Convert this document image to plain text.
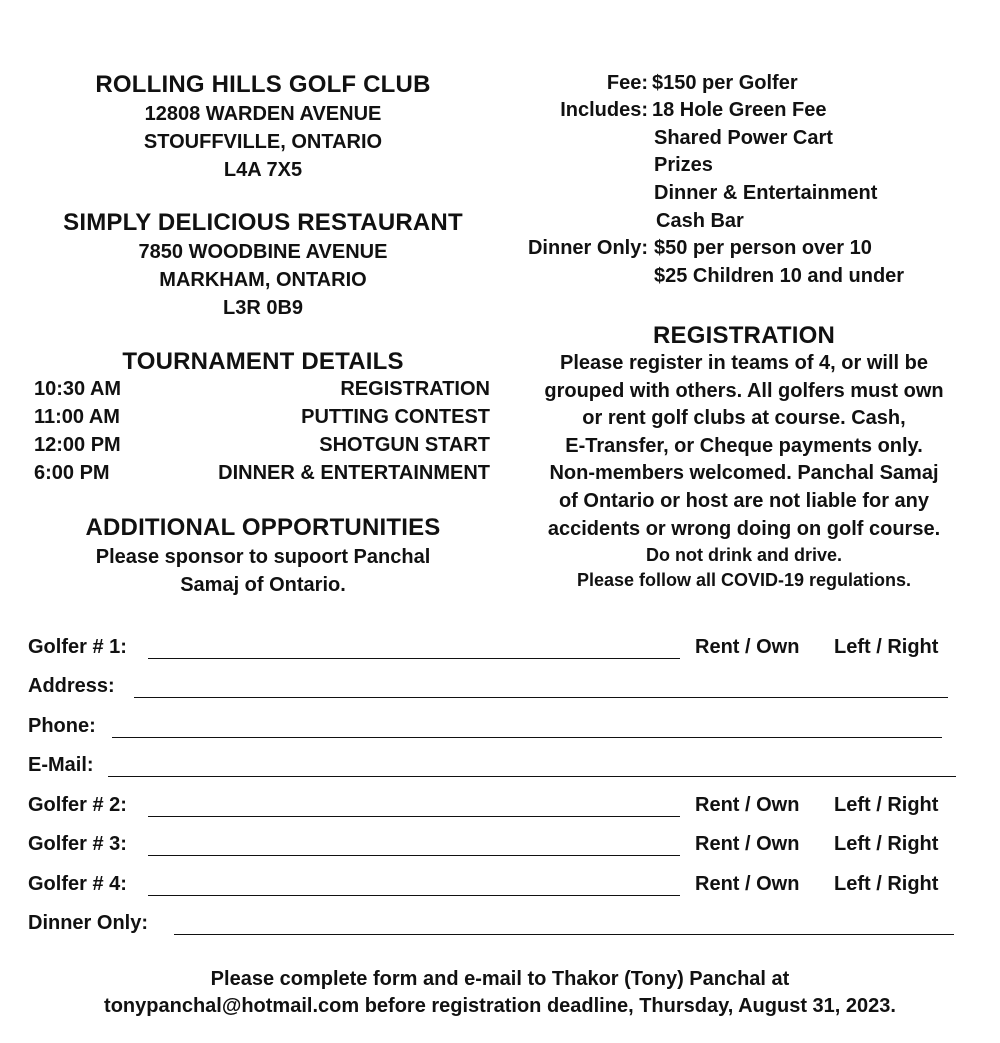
ROLLING HILLS GOLF CLUB
12808 WARDEN AVENUE
STOUFFVILLE, ONTARIO
L4A 7X5
SIMPLY DELICIOUS RESTAURANT
7850 WOODBINE AVENUE
MARKHAM, ONTARIO
L3R 0B9
TOURNAMENT DETAILS
10:30 AM	REGISTRATION
11:00 AM	PUTTING CONTEST
12:00 PM	SHOTGUN START
6:00 PM	DINNER & ENTERTAINMENT
ADDITIONAL OPPORTUNITIES
Please sponsor to supoort Panchal
Samaj of Ontario.
Fee: $150 per Golfer
Includes: 18 Hole Green Fee
Shared Power Cart
Prizes
Dinner & Entertainment
Cash Bar
Dinner Only: $50 per person over 10
$25 Children 10 and under
REGISTRATION
Please register in teams of 4, or will be
grouped with others. All golfers must own
or rent golf clubs at course. Cash,
E-Transfer, or Cheque payments only.
Non-members welcomed. Panchal Samaj
of Ontario or host are not liable for any
accidents or wrong doing on golf course.
Do not drink and drive.
Please follow all COVID-19 regulations.
Golfer # 1:	Rent / Own Left / Right
Address:
Phone:
E-Mail:
Golfer # 2:	Rent / Own Left / Right
Golfer # 3:	Rent / Own Left / Right
Golfer # 4:	Rent / Own Left / Right
Dinner Only:
Please complete form and e-mail to Thakor (Tony) Panchal at
tonypanchal@hotmail.com before registration deadline, Thursday, August 31, 2023.
